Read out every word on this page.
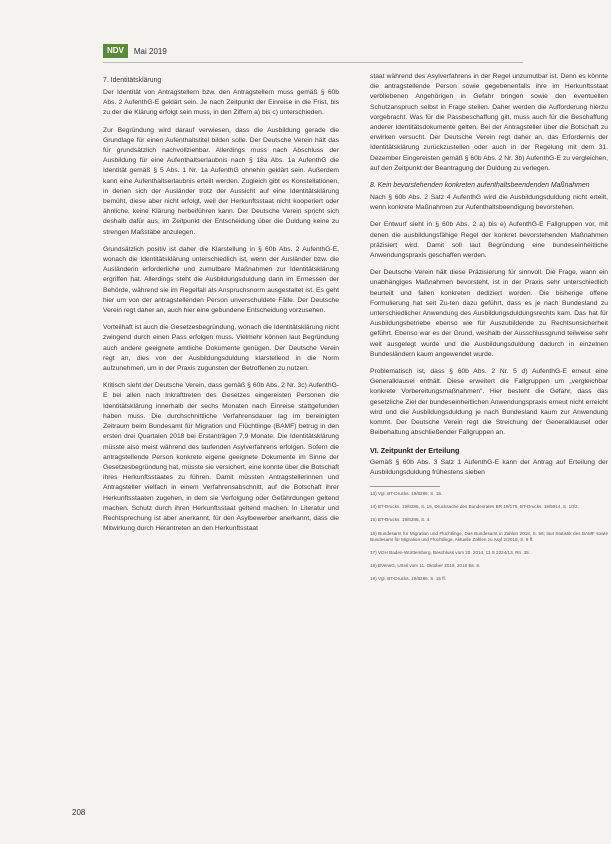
NDV	Mai 2019
7. Identitätsklärung

Der Identität von Antragstellern bzw. den Antragstellern muss gemäß § 60b Abs. 2 AufenthG-E geklärt sein. Je nach Zeitpunkt der Einreise in die Frist, bis zu der die Klärung erfolgt sein muss, in den Ziffern a) bis c) unterschieden.

Zur Begründung wird darauf verwiesen, dass die Ausbildung gerade die Grundlage für einen Aufenthaltstitel bilden solle. Der Deutsche Verein hält das für grundsätzlich nachvollziehbar. Allerdings muss nach Abschluss der Ausbildung für eine Aufenthaltserlaubnis nach § 18a Abs. 1a AufenthG die Identität gemäß § 5 Abs. 1 Nr. 1a AufenthG ohnehin geklärt sein. Außerdem kann eine Aufenthaltserlaubnis erteilt werden. Zugleich gibt es Konstellationen, in denen sich der Ausländer trotz der Aussicht auf eine Identitätsklärung bemüht, diese aber nicht erfolgt, weil der Herkunftsstaat nicht kooperiert oder ähnliche, keine Klärung herbeiführen kann. Der Deutsche Verein spricht sich deshalb dafür aus, im Zeitpunkt der Entscheidung über die Duldung keine zu strengen Maßstäbe anzulegen.

Grundsätzlich positiv ist daher die Klarstellung in § 60b Abs. 2 AufenthG-E, wonach die Identitätsklärung unterschiedlich ist, wenn der Ausländer bzw. die Ausländerin erforderliche und zumutbare Maßnahmen zur Identitätsklärung ergriffen hat. Allerdings steht die Ausbildungsduldung dann im Ermessen der Behörde, während sie im Regelfall als Anspruchsnorm ausgestaltet ist. Es geht hier um von der antragstellenden Person unverschuldete Fälle. Der Deutsche Verein regt daher an, auch hier eine gebundene Entscheidung vorzusehen.

Vorteilhaft ist auch die Gesetzesbegründung, wonach die Identitätsklärung nicht zwingend durch einen Pass erfolgen muss. Vielmehr können laut Begründung auch andere geeignete amtliche Dokumente genügen. Der Deutsche Verein regt an, dies von der Ausbildungsduldung klarstellend in die Norm aufzunehmen, um in der Praxis zugunsten der Betroffenen zu nutzen.

Kritisch sieht der Deutsche Verein, dass gemäß § 60b Abs. 2 Nr. 3c) AufenthG-E bei allen nach Inkrafttreten des Gesetzes eingereisten Personen die Identitätsklärung innerhalb der sechs Monaten nach Einreise stattgefunden haben muss. Die durchschnittliche Verfahrensdauer lag im bereinigten Zeitraum beim Bundesamt für Migration und Flüchtlinge (BAMF) betrug in den ersten drei Quartalen 2018 bei Erstanträgen 7,9 Monate. Die Identitätsklärung müsste also meist während des laufenden Asylverfahrens erfolgen. Sofern die antragstellende Person konkrete eigene geeignete Dokumente im Sinne der Gesetzesbegründung hat, müsste sie versichert, eine konnte über die Botschaft ihres Herkunftsstaates zu führen. Damit müssten Antragstellerinnen und Antragsteller vielfach in einem Verfahrensabschnitt, auf die Botschaft ihrer Herkunftsstaaten zugehen, in dem sie Verfolgung oder Gefährdungen geltend machen. Schutz durch ihren Herkunftsstaat geltend machen. In Literatur und Rechtsprechung ist aber anerkannt, für den Asylbewerber anerkannt, dass die Mitwirkung durch Herantreten an den Herkunftsstaat

staat während des Asylverfahrens in der Regel unzumutbar ist. Denn es könnte die antragstellende Person sowie gegebenenfalls ihre im Herkunftsstaat verbliebenen Angehörigen in Gefahr bringen sowie den eventuellen Schutzanspruch selbst in Frage stellen. Daher werden die Aufforderung hierzu vorgebracht. Was für die Passbeschaffung gilt, muss auch für die Beschaffung anderer Identitätsdokumente gelten. Bei der Antragsteller über die Botschaft zu erwirken versucht. Der Deutsche Verein regt daher an, das Erfordernis der Identitätsklärung zurückzustellen oder auch in der Regelung mit dem 31. Dezember Eingereisten gemäß § 60b Abs. 2 Nr. 3b) AufenthG-E zu vergleichen, auf den Zeitpunkt der Beantragung der Duldung zu verlegen.

8. Kein bevorstehenden konkreten aufenthaltsbeendenden Maßnahmen

Nach § 60b Abs. 2 Satz 4 AufenthG wird die Ausbildungsduldung nicht erteilt, wenn konkrete Maßnahmen zur Aufenthaltsbeendigung bevorstehen.

Der Entwurf sieht in § 60b Abs. 2 a) bis e) AufenthG-E Fallgruppen vor, mit denen die ausbildungsfähige Regel der konkret bevorstehenden Maßnahmen präzisiert wird. Damit soll laut Begründung eine bundeseinheitliche Anwendungspraxis geschaffen werden.

Der Deutsche Verein hält diese Präzisierung für sinnvoll. Die Frage, wann ein unabhängiges Maßnahmen bevorsteht, ist in der Praxis sehr unterschiedlich beurteilt und fallen konkreten dediziert worden. Die bisherige offene Formulierung hat seit Zu-ten dazu geführt, dass es je nach Bundesland zu unterschiedlicher Anwendung des Ausbildungsduldungsrechts kam. Das hat für Ausbildungsbetriebe ebenso wie für Auszubildende zu Rechtsunsicherheit geführt. Ebenso war es der Grund, weshalb der Ausschlussgrund teilweise sehr weit ausgelegt wurde und die Ausbildungsduldung dadurch in einzelnen Bundesländern kaum angewendet wurde.

Problematisch ist, dass § 60b Abs. 2 Nr. 5 d) AufenthG-E erneut eine Generalklausel enthält. Diese erweitert die Fallgruppen um „vergleichbar konkrete Vorbereitungsmaßnahmen“. Hier besteht die Gefahr, dass das gesetzliche Ziel der bundeseinheitlichen Anwendungspraxis erneut nicht erreicht wird und die Ausbildungsduldung je nach Bundesland kaum zur Anwendung kommt. Der Deutsche Verein regt die Streichung der Generalklausel oder Beibehaltung abschließender Fallgruppen an.

VI. Zeitpunkt der Erteilung

Gemäß § 60b Abs. 3 Satz 1 AufenthG-E kann der Antrag auf Erteilung der Ausbildungsduldung frühestens sieben

13) Vgl. BT-Drucks. 19/8286, S. 15.

14) BT-Drucks. 19/8286, S. 15, Drucksache des Bundesrates BR 19/175, BT-Drucks. 19/5914, S. 10/2.

15) BT-Drucks. 19/8286, S. 4.

16) Bundesamt für Migration und Flüchtlinge, Das Bundesamt in Zahlen 2018, S. 56; laut Statistik des BAMF sowie Bundesamt für Migration und Flüchtlinge, Aktuelle Zahlen zu Asyl 2/2018, S. 9 ff.

17) VGH Baden-Württemberg, Beschluss vom 20. 2014, 11 S 2224/13, Rn. 35.

18) BVerwG, Urteil vom 11. Oktober 2018, 2018 Bs. 8.

19) Vgl. BT-Drucks. 19/8286, S. 15 ff.

208
